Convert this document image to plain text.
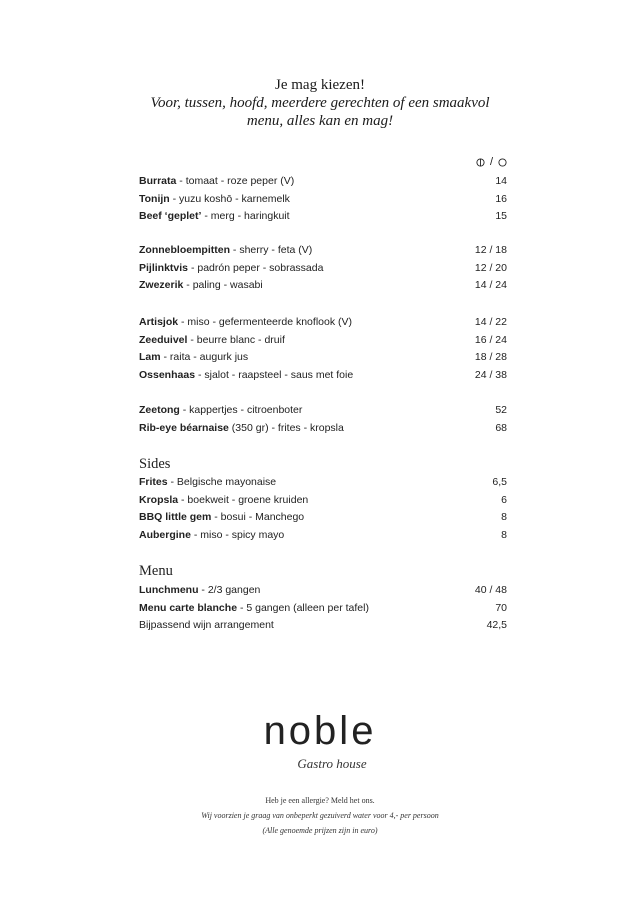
Je mag kiezen!
Voor, tussen, hoofd, meerdere gerechten of een smaakvol
menu, alles kan en mag!
/
Burrata - tomaat - roze peper (V)	14
Tonijn - yuzu koshō - karnemelk	16
Beef ‘geplet’ - merg - haringkuit	15
Zonnebloempitten - sherry - feta (V)	12 / 18
Pijlinktvis - padrón peper - sobrassada	12 / 20
Zwezerik - paling - wasabi	14 / 24
Artisjok - miso - gefermenteerde knoflook (V)	14 / 22
Zeeduivel - beurre blanc - druif	16 / 24
Lam - raita - augurk jus	18 / 28
Ossenhaas - sjalot - raapsteel - saus met foie	24 / 38
Zeetong - kappertjes - citroenboter	52
Rib-eye béarnaise (350 gr) - frites - kropsla	68
Sides
Frites - Belgische mayonaise	6,5
Kropsla - boekweit - groene kruiden	6
BBQ little gem - bosui - Manchego	8
Aubergine - miso - spicy mayo	8
Menu
Lunchmenu - 2/3 gangen	40 / 48
Menu carte blanche - 5 gangen (alleen per tafel)	70
Bijpassend wijn arrangement	42,5
noble
Gastro house
Heb je een allergie? Meld het ons.
Wij voorzien je graag van onbeperkt gezuiverd water voor 4,- per persoon
(Alle genoemde prijzen zijn in euro)
